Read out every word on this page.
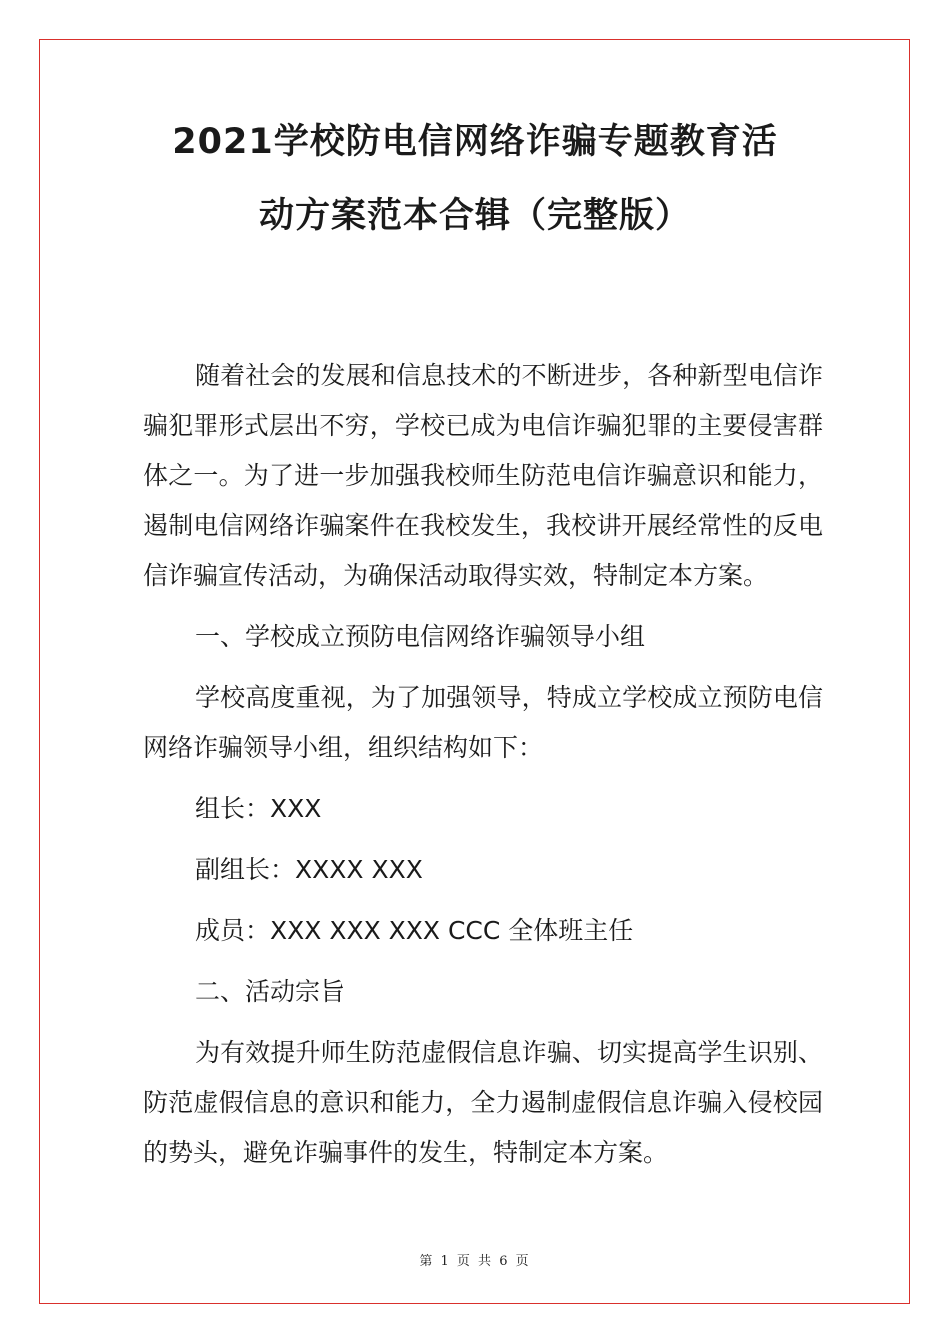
2021学校防电信网络诈骗专题教育活
动方案范本合辑（完整版）

随着社会的发展和信息技术的不断进步，各种新型电信诈骗犯罪形式层出不穷，学校已成为电信诈骗犯罪的主要侵害群体之一。为了进一步加强我校师生防范电信诈骗意识和能力，遏制电信网络诈骗案件在我校发生，我校讲开展经常性的反电信诈骗宣传活动，为确保活动取得实效，特制定本方案。

一、学校成立预防电信网络诈骗领导小组

学校高度重视，为了加强领导，特成立学校成立预防电信网络诈骗领导小组，组织结构如下：

组长：XXX

副组长：XXXX XXX

成员：XXX XXX XXX CCC 全体班主任

二、活动宗旨

为有效提升师生防范虚假信息诈骗、切实提高学生识别、防范虚假信息的意识和能力，全力遏制虚假信息诈骗入侵校园的势头，避免诈骗事件的发生，特制定本方案。

第 1 页 共 6 页
